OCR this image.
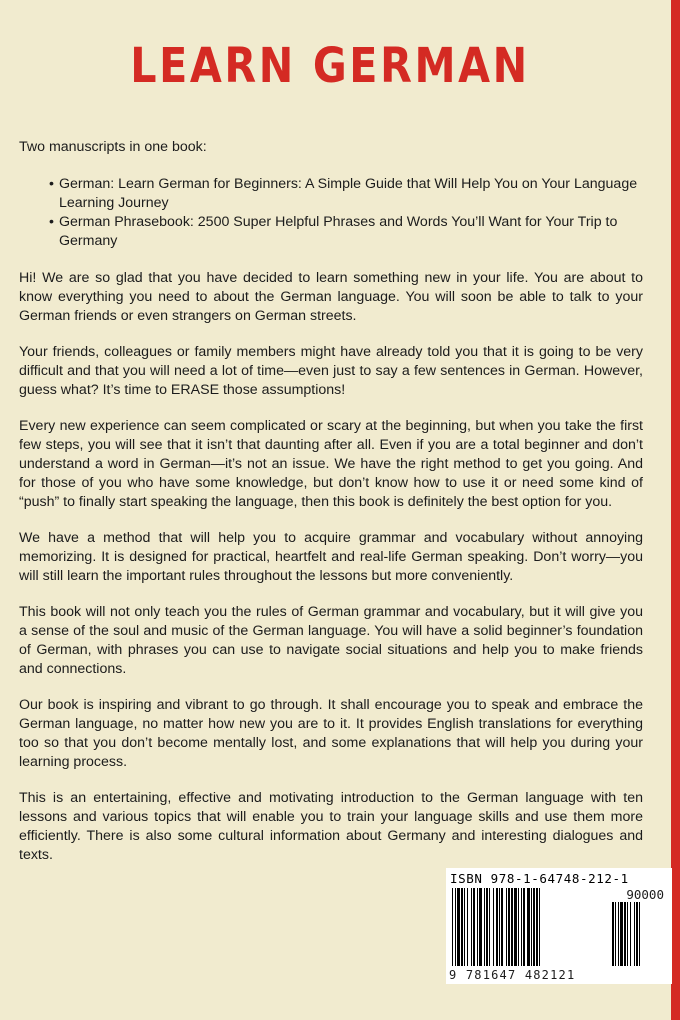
LEARN GERMAN

Two manuscripts in one book:

• German: Learn German for Beginners: A Simple Guide that Will Help You on Your Language Learning Journey
• German Phrasebook: 2500 Super Helpful Phrases and Words You’ll Want for Your Trip to Germany

Hi! We are so glad that you have decided to learn something new in your life. You are about to know everything you need to about the German language. You will soon be able to talk to your German friends or even strangers on German streets.

Your friends, colleagues or family members might have already told you that it is going to be very difficult and that you will need a lot of time—even just to say a few sentences in German. However, guess what? It’s time to ERASE those assumptions!

Every new experience can seem complicated or scary at the beginning, but when you take the first few steps, you will see that it isn’t that daunting after all. Even if you are a total beginner and don’t understand a word in German—it’s not an issue. We have the right method to get you going. And for those of you who have some knowledge, but don’t know how to use it or need some kind of “push” to finally start speaking the language, then this book is definitely the best option for you.

We have a method that will help you to acquire grammar and vocabulary without annoying memorizing. It is designed for practical, heartfelt and real-life German speaking. Don’t worry—you will still learn the important rules throughout the lessons but more conveniently.

This book will not only teach you the rules of German grammar and vocabulary, but it will give you a sense of the soul and music of the German language. You will have a solid beginner’s foundation of German, with phrases you can use to navigate social situations and help you to make friends and connections.

Our book is inspiring and vibrant to go through. It shall encourage you to speak and embrace the German language, no matter how new you are to it. It provides English translations for everything too so that you don’t become mentally lost, and some explanations that will help you during your learning process.

This is an entertaining, effective and motivating introduction to the German language with ten lessons and various topics that will enable you to train your language skills and use them more efficiently. There is also some cultural information about Germany and interesting dialogues and texts.

ISBN 978-1-64748-212-1

90000

9 781647 482121
